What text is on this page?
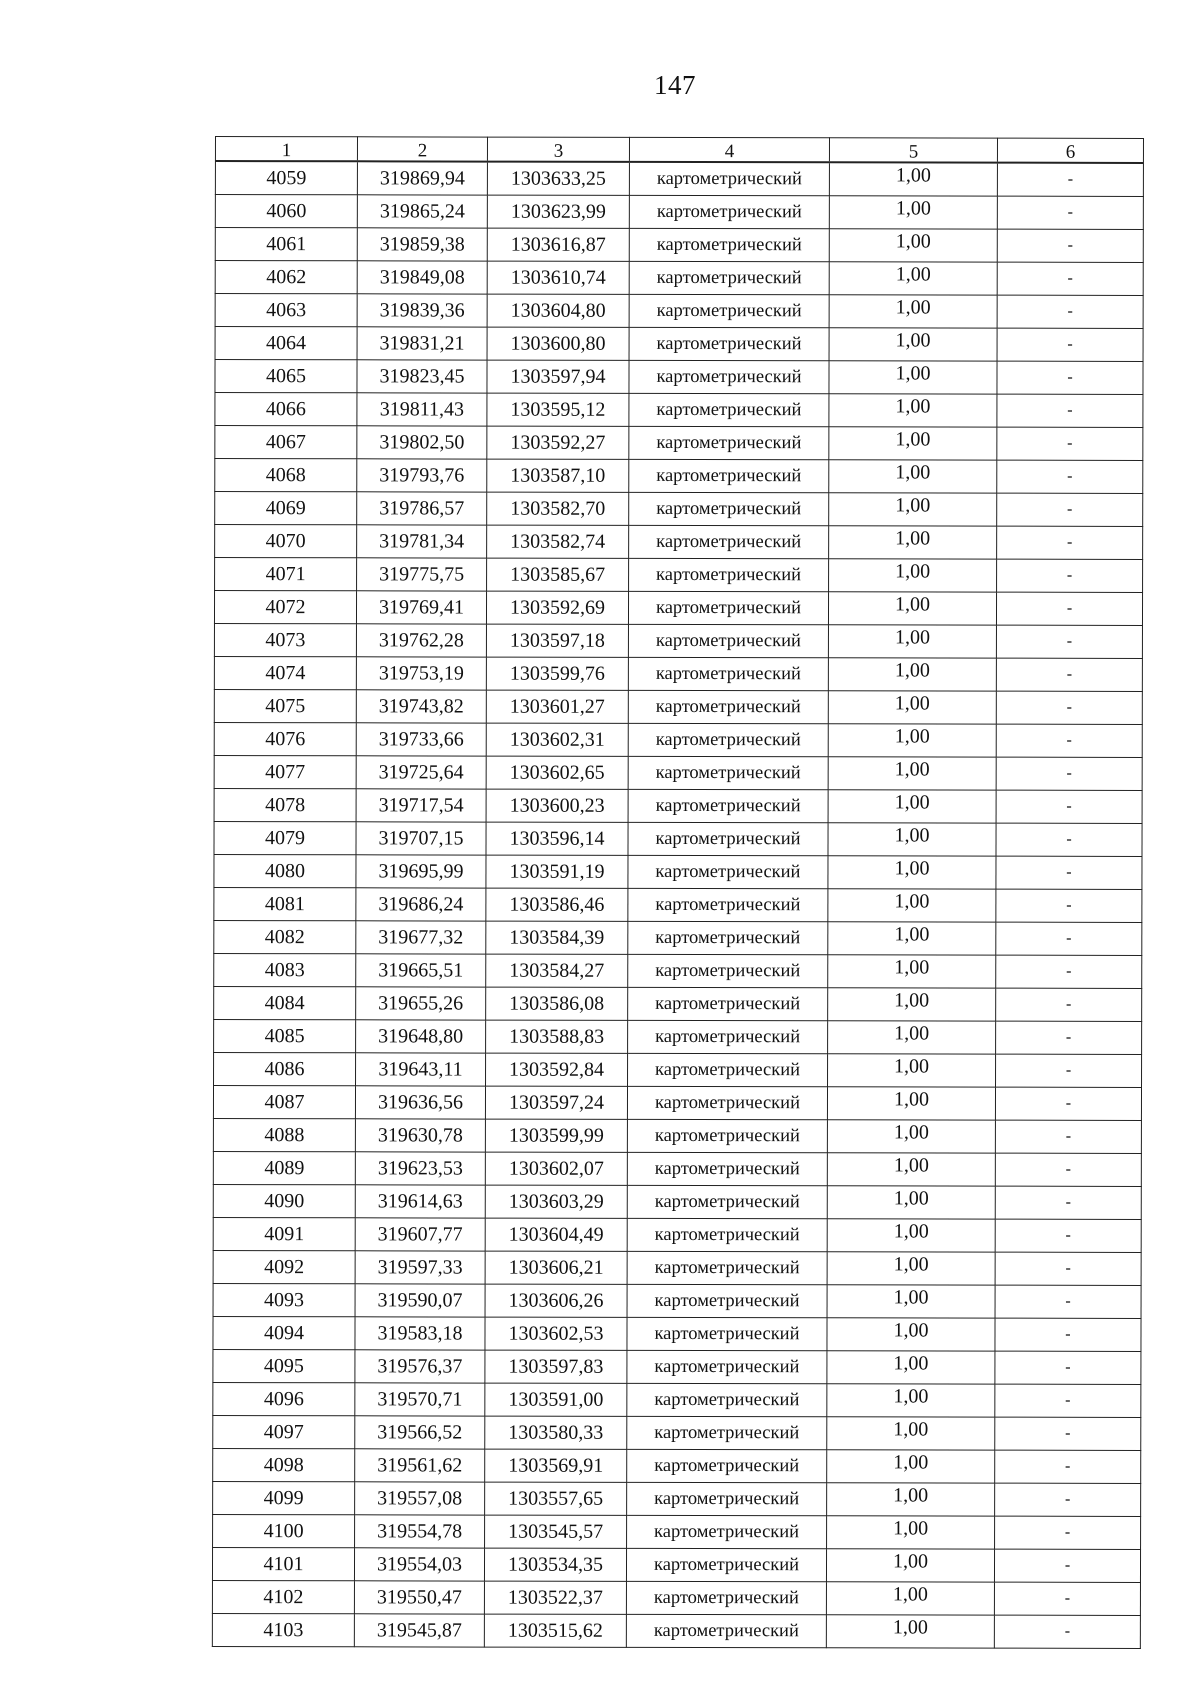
147
1	2	3	4	5	6
4059	319869,94	1303633,25	картометрический	1,00	-
4060	319865,24	1303623,99	картометрический	1,00	-
4061	319859,38	1303616,87	картометрический	1,00	-
4062	319849,08	1303610,74	картометрический	1,00	-
4063	319839,36	1303604,80	картометрический	1,00	-
4064	319831,21	1303600,80	картометрический	1,00	-
4065	319823,45	1303597,94	картометрический	1,00	-
4066	319811,43	1303595,12	картометрический	1,00	-
4067	319802,50	1303592,27	картометрический	1,00	-
4068	319793,76	1303587,10	картометрический	1,00	-
4069	319786,57	1303582,70	картометрический	1,00	-
4070	319781,34	1303582,74	картометрический	1,00	-
4071	319775,75	1303585,67	картометрический	1,00	-
4072	319769,41	1303592,69	картометрический	1,00	-
4073	319762,28	1303597,18	картометрический	1,00	-
4074	319753,19	1303599,76	картометрический	1,00	-
4075	319743,82	1303601,27	картометрический	1,00	-
4076	319733,66	1303602,31	картометрический	1,00	-
4077	319725,64	1303602,65	картометрический	1,00	-
4078	319717,54	1303600,23	картометрический	1,00	-
4079	319707,15	1303596,14	картометрический	1,00	-
4080	319695,99	1303591,19	картометрический	1,00	-
4081	319686,24	1303586,46	картометрический	1,00	-
4082	319677,32	1303584,39	картометрический	1,00	-
4083	319665,51	1303584,27	картометрический	1,00	-
4084	319655,26	1303586,08	картометрический	1,00	-
4085	319648,80	1303588,83	картометрический	1,00	-
4086	319643,11	1303592,84	картометрический	1,00	-
4087	319636,56	1303597,24	картометрический	1,00	-
4088	319630,78	1303599,99	картометрический	1,00	-
4089	319623,53	1303602,07	картометрический	1,00	-
4090	319614,63	1303603,29	картометрический	1,00	-
4091	319607,77	1303604,49	картометрический	1,00	-
4092	319597,33	1303606,21	картометрический	1,00	-
4093	319590,07	1303606,26	картометрический	1,00	-
4094	319583,18	1303602,53	картометрический	1,00	-
4095	319576,37	1303597,83	картометрический	1,00	-
4096	319570,71	1303591,00	картометрический	1,00	-
4097	319566,52	1303580,33	картометрический	1,00	-
4098	319561,62	1303569,91	картометрический	1,00	-
4099	319557,08	1303557,65	картометрический	1,00	-
4100	319554,78	1303545,57	картометрический	1,00	-
4101	319554,03	1303534,35	картометрический	1,00	-
4102	319550,47	1303522,37	картометрический	1,00	-
4103	319545,87	1303515,62	картометрический	1,00	-
